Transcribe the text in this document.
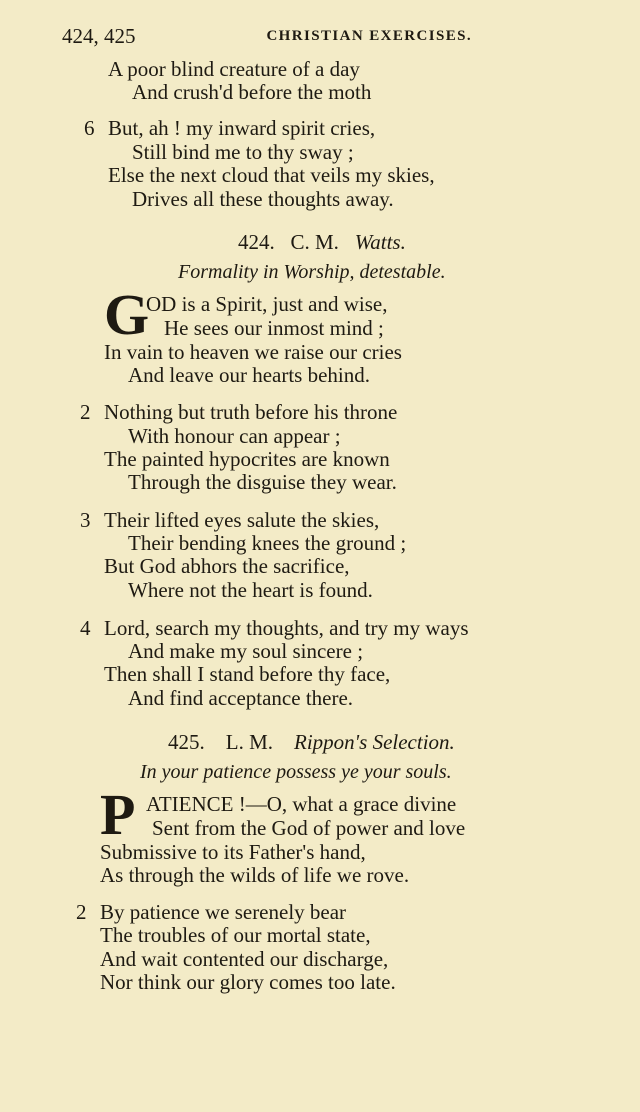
424, 425	CHRISTIAN EXERCISES.
A poor blind creature of a day
And crush'd before the moth
6 But, ah ! my inward spirit cries,
Still bind me to thy sway ;
Else the next cloud that veils my skies,
Drives all these thoughts away.
424. C. M. Watts.
Formality in Worship, detestable.
G
OD is a Spirit, just and wise,
He sees our inmost mind ;
In vain to heaven we raise our cries
And leave our hearts behind.
2 Nothing but truth before his throne
With honour can appear ;
The painted hypocrites are known
Through the disguise they wear.
3 Their lifted eyes salute the skies,
Their bending knees the ground ;
But God abhors the sacrifice,
Where not the heart is found.
4 Lord, search my thoughts, and try my ways
And make my soul sincere ;
Then shall I stand before thy face,
And find acceptance there.
425. L. M. Rippon's Selection.
In your patience possess ye your souls.
P ATIENCE !—O, what a grace divine
Sent from the God of power and love
Submissive to its Father's hand,
As through the wilds of life we rove.
2 By patience we serenely bear
The troubles of our mortal state,
And wait contented our discharge,
Nor think our glory comes too late.
